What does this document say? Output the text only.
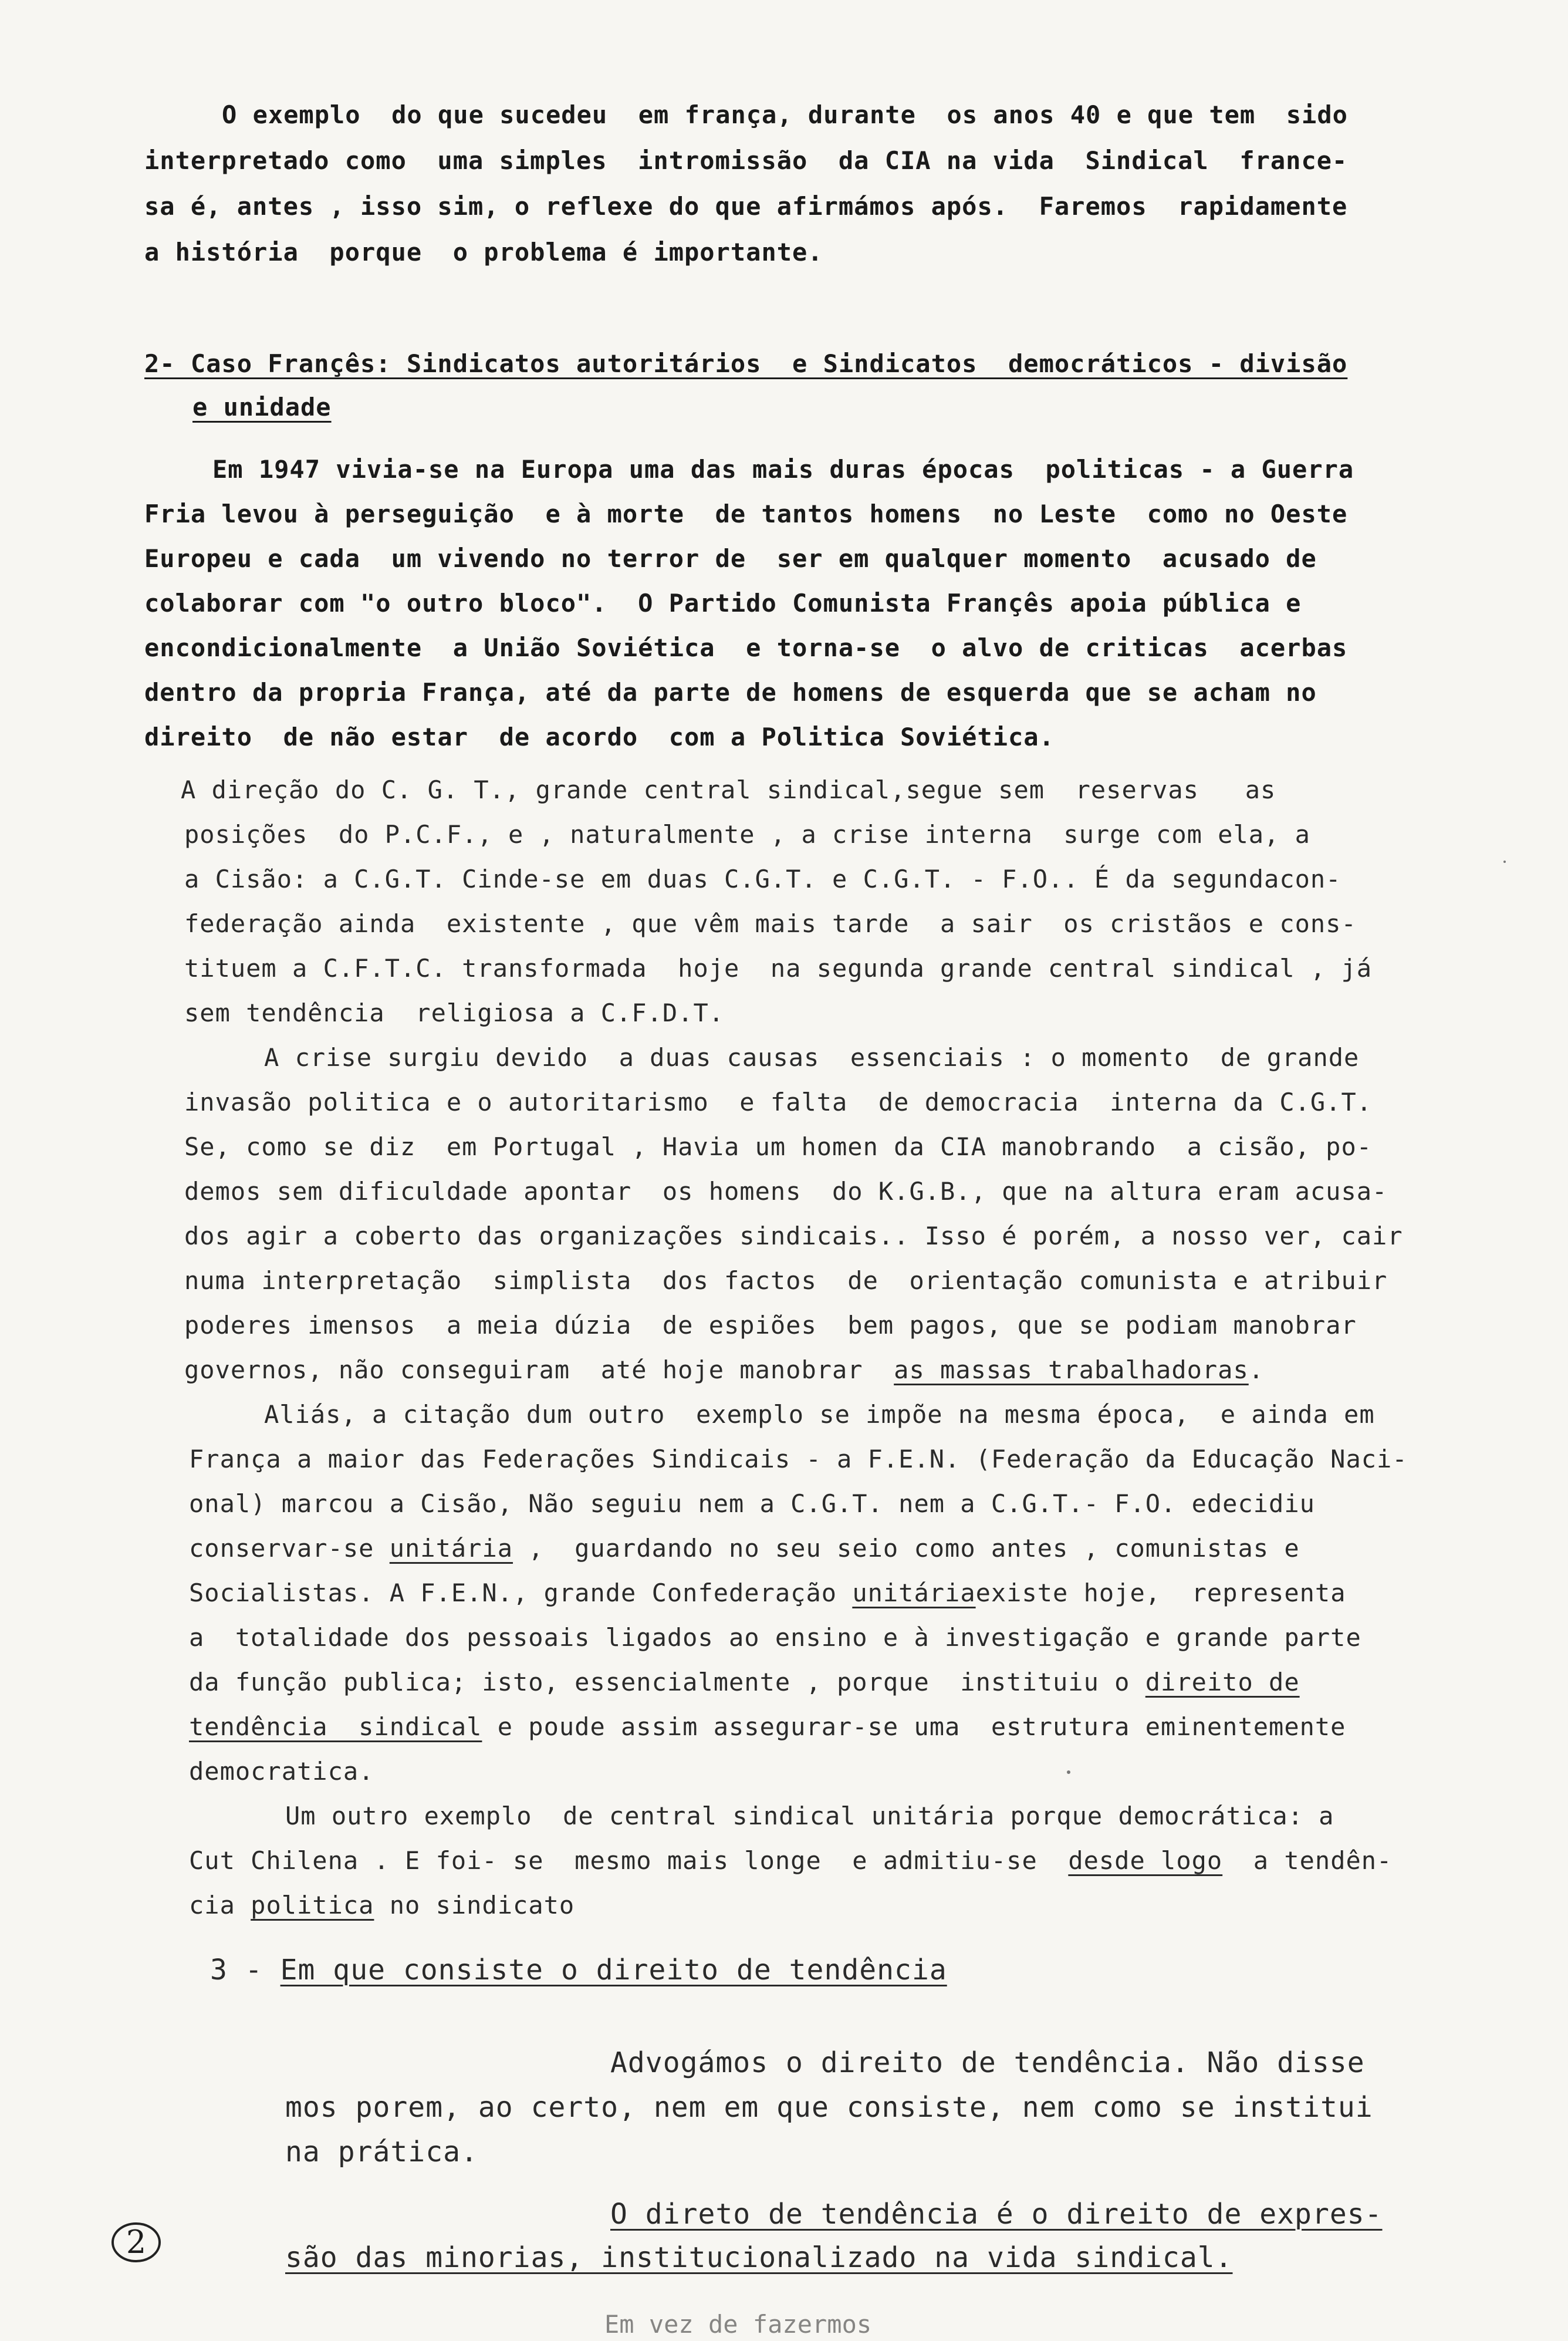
O exemplo  do que sucedeu  em frança, durante  os anos 40 e que tem  sido

interpretado como  uma simples  intromissão  da CIA na vida  Sindical  france-

sa é, antes , isso sim, o reflexe do que afirmámos após.  Faremos  rapidamente

a história  porque  o problema é importante.

2- Caso Françês: Sindicatos autoritários  e Sindicatos  democráticos - divisão

e unidade

Em 1947 vivia-se na Europa uma das mais duras épocas  politicas - a Guerra

Fria levou à perseguição  e à morte  de tantos homens  no Leste  como no Oeste

Europeu e cada  um vivendo no terror de  ser em qualquer momento  acusado de

colaborar com "o outro bloco".  O Partido Comunista Françês apoia pública e

encondicionalmente  a União Soviética  e torna-se  o alvo de criticas  acerbas

dentro da propria França, até da parte de homens de esquerda que se acham no

direito  de não estar  de acordo  com a Politica Soviética.

A direção do C. G. T., grande central sindical,segue sem  reservas   as

posições  do P.C.F., e , naturalmente , a crise interna  surge com ela, a

a Cisão: a C.G.T. Cinde-se em duas C.G.T. e C.G.T. - F.O.. É da segundacon-

federação ainda  existente , que vêm mais tarde  a sair  os cristãos e cons-

tituem a C.F.T.C. transformada  hoje  na segunda grande central sindical , já

sem tendência  religiosa a C.F.D.T.

A crise surgiu devido  a duas causas  essenciais : o momento  de grande

invasão politica e o autoritarismo  e falta  de democracia  interna da C.G.T.

Se, como se diz  em Portugal , Havia um homen da CIA manobrando  a cisão, po-

demos sem dificuldade apontar  os homens  do K.G.B., que na altura eram acusa-

dos agir a coberto das organizações sindicais.. Isso é porém, a nosso ver, cair

numa interpretação  simplista  dos factos  de  orientação comunista e atribuir

poderes imensos  a meia dúzia  de espiões  bem pagos, que se podiam manobrar

governos, não conseguiram  até hoje manobrar  as massas trabalhadoras.

Aliás, a citação dum outro  exemplo se impõe na mesma época,  e ainda em

França a maior das Federações Sindicais - a F.E.N. (Federação da Educação Naci-

onal) marcou a Cisão, Não seguiu nem a C.G.T. nem a C.G.T.- F.O. edecidiu

conservar-se unitária ,  guardando no seu seio como antes , comunistas e

Socialistas. A F.E.N., grande Confederação unitáriaexiste hoje,  representa

a  totalidade dos pessoais ligados ao ensino e à investigação e grande parte

da função publica; isto, essencialmente , porque  instituiu o direito de

tendência  sindical e poude assim assegurar-se uma  estrutura eminentemente

democratica.

Um outro exemplo  de central sindical unitária porque democrática: a

Cut Chilena . E foi- se  mesmo mais longe  e admitiu-se  desde logo  a tendên-

cia politica no sindicato

3 - Em que consiste o direito de tendência

Advogámos o direito de tendência. Não disse

mos porem, ao certo, nem em que consiste, nem como se institui

na prática.

O direto de tendência é o direito de expres-

são das minorias, institucionalizado na vida sindical.

Em vez de fazermos

2
